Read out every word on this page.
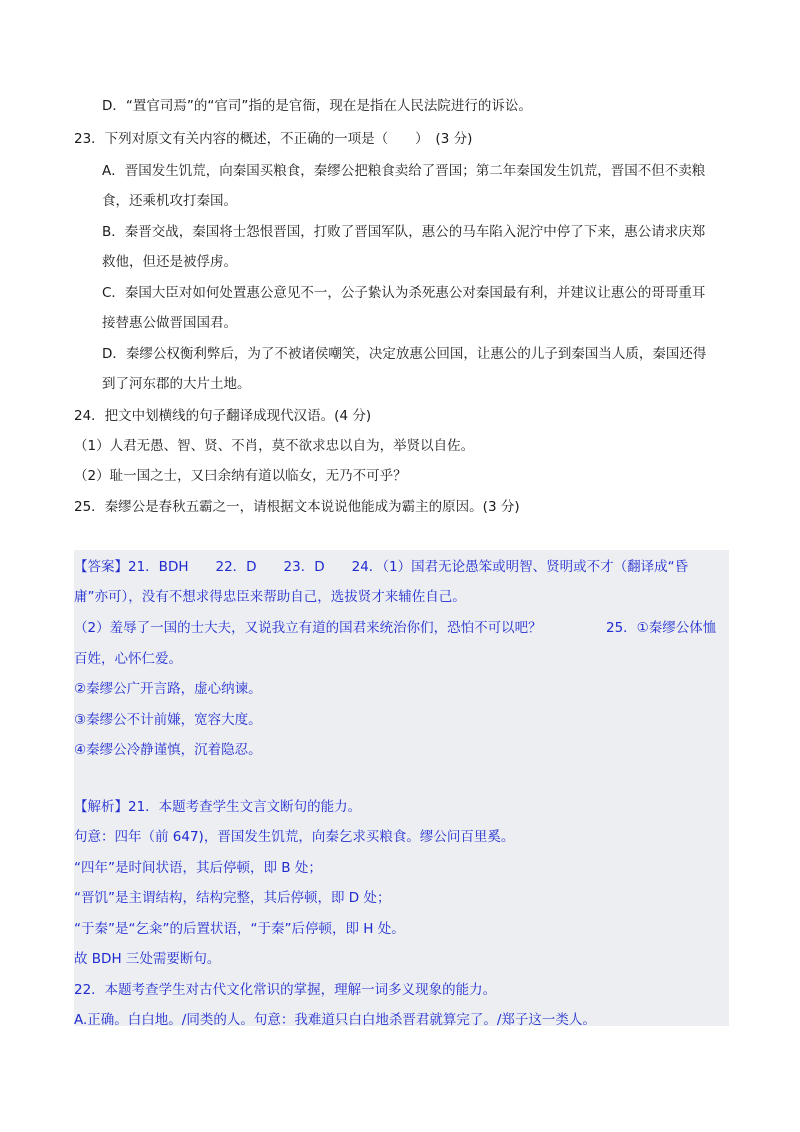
D．“置官司焉”的“官司”指的是官衙，现在是指在人民法院进行的诉讼。
23．下列对原文有关内容的概述，不正确的一项是（　　）　(3 分)
A．晋国发生饥荒，向秦国买粮食，秦缪公把粮食卖给了晋国；第二年秦国发生饥荒，晋国不但不卖粮
食，还乘机攻打秦国。
B．秦晋交战，秦国将士怨恨晋国，打败了晋国军队，惠公的马车陷入泥泞中停了下来，惠公请求庆郑
救他，但还是被俘虏。
C．秦国大臣对如何处置惠公意见不一，公子絷认为杀死惠公对秦国最有利，并建议让惠公的哥哥重耳
接替惠公做晋国国君。
D．秦缪公权衡利弊后，为了不被诸侯嘲笑，决定放惠公回国，让惠公的儿子到秦国当人质，秦国还得
到了河东郡的大片土地。
24．把文中划横线的句子翻译成现代汉语。(4 分)
（1）人君无愚、智、贤、不肖，莫不欲求忠以自为，举贤以自佐。
（2）耻一国之士，又曰余纳有道以临女，无乃不可乎？
25．秦缪公是春秋五霸之一，请根据文本说说他能成为霸主的原因。(3 分)
【答案】21．BDH　　22．D　　23．D　　24．（1）国君无论愚笨或明智、贤明或不才（翻译成“昏
庸”亦可），没有不想求得忠臣来帮助自己，选拔贤才来辅佐自己。
（2）羞辱了一国的士大夫，又说我立有道的国君来统治你们，恐怕不可以吧？	25．①秦缪公体恤
百姓，心怀仁爱。
②秦缪公广开言路，虚心纳谏。
③秦缪公不计前嫌，宽容大度。
④秦缪公冷静谨慎，沉着隐忍。
【解析】21．本题考查学生文言文断句的能力。
句意：四年（前 647)，晋国发生饥荒，向秦乞求买粮食。缪公问百里奚。
“四年”是时间状语，其后停顿，即 B 处；
“晋饥”是主谓结构，结构完整，其后停顿，即 D 处；
“于秦”是“乞籴”的后置状语，“于秦”后停顿，即 H 处。
故 BDH 三处需要断句。
22．本题考查学生对古代文化常识的掌握，理解一词多义现象的能力。
A.正确。白白地。/同类的人。句意：我难道只白白地杀晋君就算完了。/郑子这一类人。
